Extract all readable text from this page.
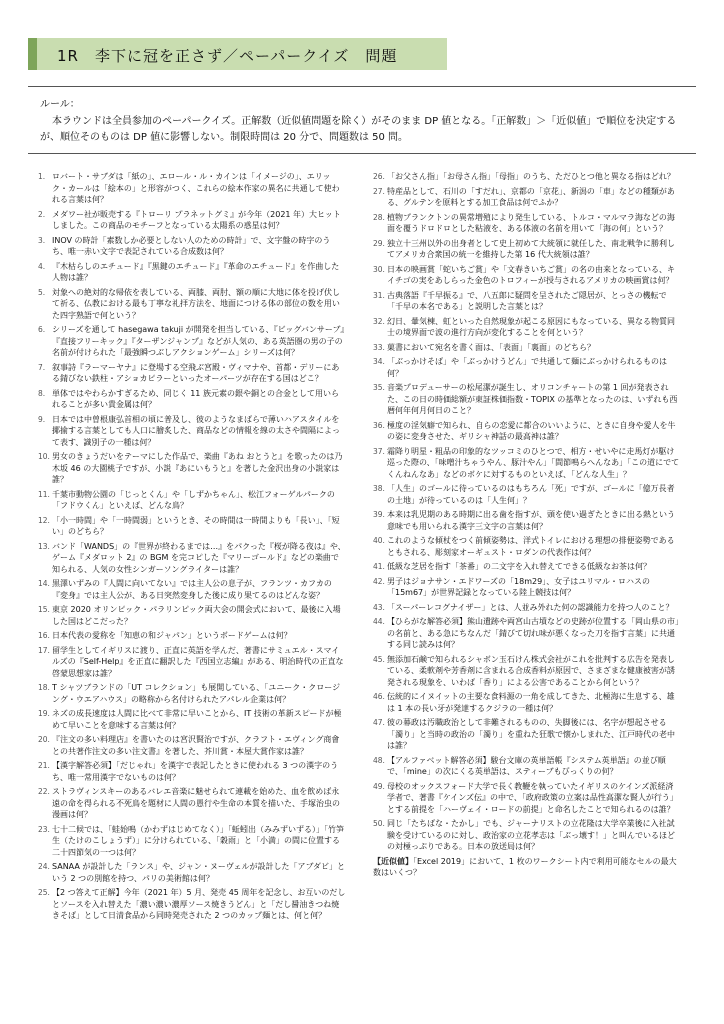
1R　李下に冠を正さず／ペーパークイズ　問題
ルール：
本ラウンドは全員参加のペーパークイズ。正解数（近似値問題を除く）がそのまま DP 値となる。「正解数」＞「近似値」で順位を決定するが、順位そのものは DP 値に影響しない。制限時間は 20 分で、問題数は 50 問。
1. ロバート・サブダは「紙の」、エロール・ル・カインは「イメージの」、エリック・カールは「絵本の」と形容がつく、これらの絵本作家の異名に共通して使われる言葉は何？
2. メダワー社が販売する『トローリ プラネットグミ』が今年（2021 年）大ヒットしました。この商品のモチーフとなっている太陽系の惑星は何？
3. INOV の時計「素数しか必要としない人のための時計」で、文字盤の時字のうち、唯一赤い文字で表記されている合成数は何？
4. 『木枯らしのエチュード』『黒鍵のエチュード』『革命のエチュード』を作曲した人物は誰？
5. 対象への絶対的な帰依を表している、両膝、両肘、額の順に大地に体を投げ伏して祈る、仏教における最も丁寧な礼拝方法を、地面につける体の部位の数を用いた四字熟語で何という？
6. シリーズを通して hasegawa takuji が開発を担当している、『ビッグバンサーブ』『直接フリーキック』『ターザンジャンプ』などが人気の、ある英語圏の男の子の名前が付けられた「最強瞬つぶしアクションゲーム」シリーズは何？
7. 叙事詩『ラーマーヤナ』に登場する空飛ぶ宮殿・ヴィマナや、首都・デリーにある錆びない鉄柱・アショカピラーといったオーパーツが存在する国はどこ？
8. 単体ではやわらかすぎるため、同じく 11 族元素の銀や銅との合金として用いられることが多い貴金属は何？
9. 日本では中曽根康弘首相の頃に普及し、彼のようなまばらで薄いハアスタイルを揶揄する言葉としても人口に膾炙した、商品などの情報を線の太さや間隔によって表す、識別子の一種は何？
10. 男女のきょうだいをテーマにした作品で、楽曲『あね おとうと』を歌ったのは乃木坂 46 の大園桃子ですが、小説『あにいもうと』を著した金沢出身の小説家は誰？
11. 千葉市動物公園の「じっとくん」や「しずかちゃん」、松江フォーゲルパークの「フドウくん」といえば、どんな鳥？
12. 「小一時間」や「一時間弱」というとき、その時間は一時間よりも「長い」、「短い」のどちら？
13. バンド「WANDS」の『世界が終わるまでは…』をパクった『桜が降る夜は』や、ゲーム『メダロット 2』の BGM を完コピした『マリーゴールド』などの楽曲で知られる、人気の女性シンガーソングライターは誰？
14. 黒澤いずみの『人間に向いてない』では主人公の息子が、フランツ・カフカの『変身』では主人公が、ある日突然変身した後に成り果てるのはどんな姿？
15. 東京 2020 オリンピック・パラリンピック両大会の開会式において、最後に入場した国はどこだった？
16. 日本代表の愛称を「知恵の和ジャパン」というボードゲームは何？
17. 留学生としてイギリスに渡り、正直に英語を学んだ、著書にサミュエル・スマイルズの『Self-Help』を正直に翻訳した『西国立志編』がある、明治時代の正直な啓蒙思想家は誰？
18. T シャツブランドの「UT コレクション」も展開している、「ユニーク・クロージング・ウエアハウス」の略称から名付けられたアパレル企業は何？
19. ネズの成長速度は人間に比べて非常に早いことから、IT 技術の革新スピードが極めて早いことを意味する言葉は何？
20. 『注文の多い料理店』を書いたのは宮沢賢治ですが、クラフト・エヴィング商會との共著作注文の多い注文書』を著した、芥川賞・本屋大賞作家は誰？
21. 【漢字解答必須】「だじゃれ」を漢字で表記したときに使われる 3 つの漢字のうち、唯一常用漢字でないものは何？
22. ストラヴィンスキーのあるバレエ音楽に魅せられて連載を始めた、血を飲めば永遠の命を得られる不死鳥を題材に人間の愚行や生命の本質を描いた、手塚治虫の漫画は何？
23. 七十二候では、「蛙始鳴（かわずはじめてなく）」「蚯蚓出（みみずいずる）」「竹笋生（たけのこしょうず）」に分けられている、「穀雨」と「小満」の間に位置する二十四節気の一つは何？
24. SANAA が設計した「ランス」や、ジャン・ヌーヴェルが設計した「アブダビ」という 2 つの別館を持つ、パリの美術館は何？
25. 【2 つ答えて正解】今年（2021 年）5 月、発売 45 周年を記念し、お互いのだしとソースを入れ替えた「濃い濃い濃厚ソース焼きうどん」と「だし醤油きつね焼きそば」として日清食品から同時発売された 2 つのカップ麺とは、何と何？
26. 「お父さん指」「お母さん指」「母指」のうち、ただひとつ他と異なる指はどれ？
27. 特産品として、石川の「すだれ」、京都の「京花」、新潟の「車」などの種類がある、グルテンを原料とする加工食品は何でふか？
28. 植物プランクトンの異常増殖により発生している、トルコ・マルマラ海などの海面を覆うドロドロとした粘液を、ある体液の名前を用いて「海の何」という？
29. 独立十三州以外の出身者として史上初めて大統領に就任した、南北戦争に勝利してアメリカ合衆国の統一を維持した第 16 代大統領は誰？
30. 日本の映画賞「蛇いちご賞」や「文春きいちご賞」の名の由来となっている、キイチゴの実をあしらった金色のトロフィーが授与されるアメリカの映画賞は何？
31. 古典落語『千早振る』で、八五郎に疑問を呈されたご隠居が、とっさの機転で「千早の本名である」と説明した言葉とは？
32. 幻日、暈気棟、虹といった自然現象が起こる原因にもなっている、異なる物質同士の境界面で波の進行方向が変化することを何という？
33. 菓書において宛名を書く面は、「表面」「裏面」のどちら？
34. 「ぶっかけそば」や「ぶっかけうどん」で共通して麺にぶっかけられるものは何？
35. 音楽プロデューサーの松尾潔が誕生し、オリコンチャートの第 1 回が発表された、この日の時価総額が東証株価指数・TOPIX の基準となったのは、いずれも西暦何年何月何日のこと？
36. 極度の淫気癖で知られ、自らの恋愛に都合のいいように、ときに自身や愛人を牛の姿に変身させた、ギリシャ神話の最高神は誰？
37. 霜降り明星・粗品の印象的なツッコミのひとつで、相方・せいやに走馬灯が駆け巡った際の、「味噌汁ちゃうやん、豚汁やん」「間節鳴らへんなあ」「この道にでてくんねんなあ」などのボケに対するものといえば、「どんな人生」？
38. 「人生」のゴールに待っているのはもちろん「死」ですが、ゴールに「億万長者の土地」が待っているのは「人生何」？
39. 本来は乳児期のある時期に出る歯を指すが、頭を使い過ぎたときに出る熱という意味でも用いられる漢字三文字の言葉は何？
40. これのような傾杖をつく前傾姿勢は、洋式トイレにおける理想の排便姿勢であるともされる、彫刻家オーギュスト・ロダンの代表作は何？
41. 低級な芝居を指す「茶番」の二文字を入れ替えてできる低級なお茶は何？
42. 男子はジョナサン・エドワーズの「18m29」、女子はユリマル・ロハスの「15m67」が世界記録となっている陸上競技は何？
43. 「スーパーレコグナイザー」とは、人並み外れた何の認識能力を持つ人のこと？
44. 【ひらがな解答必須】熊山遺跡や両宮山古墳などの史跡が位置する「岡山県の市」の名前と、ある急にちなんだ「錆びて切れ味が悪くなった刀を指す言葉」に共通する同じ読みは何？
45. 無添加石鹸で知られるシャボン玉石けん株式会社がこれを批判する広告を発表している、柔軟剤や芳香剤に含まれる合成香料が原因で、さまざまな健康被害が誘発される現象を、いわば「香り」による公害であることから何という？
46. 伝統的にイヌイットの主要な食料源の一角を成してきた、北極海に生息する、雄は 1 本の長い牙が発達するクジラの一種は何？
47. 彼の幕政は汚職政治として非難されるものの、失脚後には、名字が想起させる「濁り」と当時の政治の「濁り」を重ねた狂歌で懐かしまれた、江戸時代の老中は誰？
48. 【アルファベット解答必須】駿台文庫の英単語帳『システム英単語』の並び順で、「mine」の次にくる英単語は、スティーブもびっくりの何？
49. 母校のオックスフォード大学で長く教鞭を執っていたイギリスのケインズ派経済学者で、著書『ケインズ伝』の中で、「政府政策の立案は品性高潔な賢人が行う」とする前提を「ハーヴェイ・ロードの前提」と命名したことで知られるのは誰？
50. 同じ「たちばな・たかし」でも、ジャーナリストの立花隆は大学卒業後に入社試験を受けているのに対し、政治家の立花孝志は「ぶっ壊す！」と叫んでいるほどの対極っぷりである。日本の放送局は何？
【近似値】「Excel 2019」において、1 枚のワークシート内で利用可能なセルの最大数はいくつ？
